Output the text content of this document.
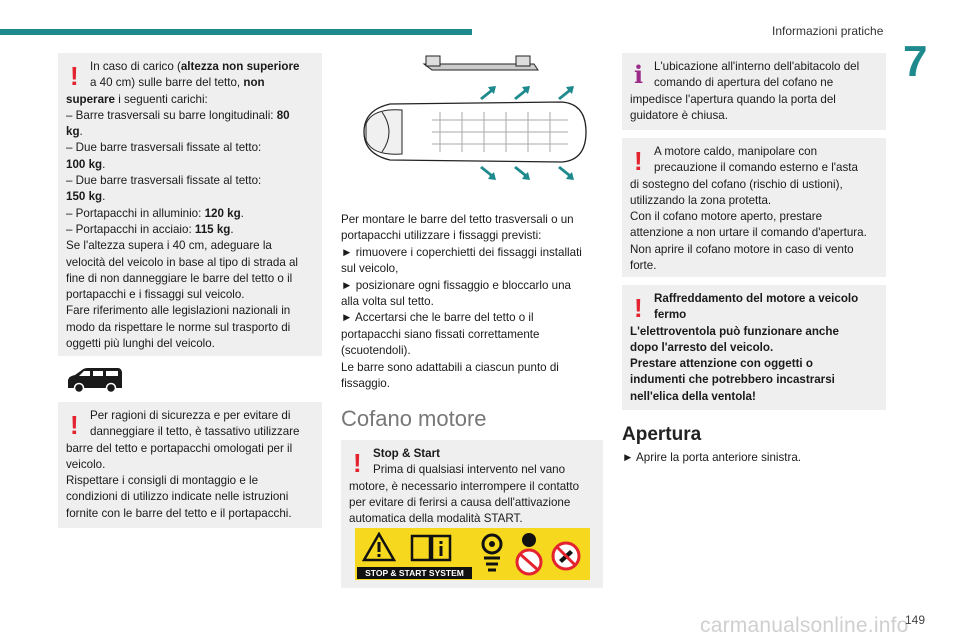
Informazioni pratiche
7
! In caso di carico (altezza non superiore

a 40 cm) sulle barre del tetto, non

superare i seguenti carichi:

– Barre trasversali su barre longitudinali: 80

kg.

– Due barre trasversali fissate al tetto:

100 kg.

– Due barre trasversali fissate al tetto:

150 kg.

– Portapacchi in alluminio: 120 kg.

– Portapacchi in acciaio: 115 kg.

Se l'altezza supera i 40 cm, adeguare la

velocità del veicolo in base al tipo di strada al

fine di non danneggiare le barre del tetto o il

portapacchi e i fissaggi sul veicolo.

Fare riferimento alle legislazioni nazionali in

modo da rispettare le norme sul trasporto di

oggetti più lunghi del veicolo.

! Per ragioni di sicurezza e per evitare di

danneggiare il tetto, è tassativo utilizzare

barre del tetto e portapacchi omologati per il

veicolo.

Rispettare i consigli di montaggio e le

condizioni di utilizzo indicate nelle istruzioni

fornite con le barre del tetto e il portapacchi.

Per montare le barre del tetto trasversali o un

portapacchi utilizzare i fissaggi previsti:

► rimuovere i coperchietti dei fissaggi installati

sul veicolo,

► posizionare ogni fissaggio e bloccarlo una

alla volta sul tetto.

► Accertarsi che le barre del tetto o il

portapacchi siano fissati correttamente

(scuotendoli).

Le barre sono adattabili a ciascun punto di

fissaggio.

Cofano motore
! Stop & Start

Prima di qualsiasi intervento nel vano

motore, è necessario interrompere il contatto

per evitare di ferirsi a causa dell'attivazione

automatica della modalità START.

STOP & START SYSTEM
i L'ubicazione all'interno dell'abitacolo del

comando di apertura del cofano ne

impedisce l'apertura quando la porta del

guidatore è chiusa.

! A motore caldo, manipolare con

precauzione il comando esterno e l'asta

di sostegno del cofano (rischio di ustioni),

utilizzando la zona protetta.

Con il cofano motore aperto, prestare

attenzione a non urtare il comando d'apertura.

Non aprire il cofano motore in caso di vento

forte.

! Raffreddamento del motore a veicolo

fermo

L'elettroventola può funzionare anche

dopo l'arresto del veicolo.

Prestare attenzione con oggetti o

indumenti che potrebbero incastrarsi

nell'elica della ventola!

Apertura
► Aprire la porta anteriore sinistra.
carmanualsonline.info
149
